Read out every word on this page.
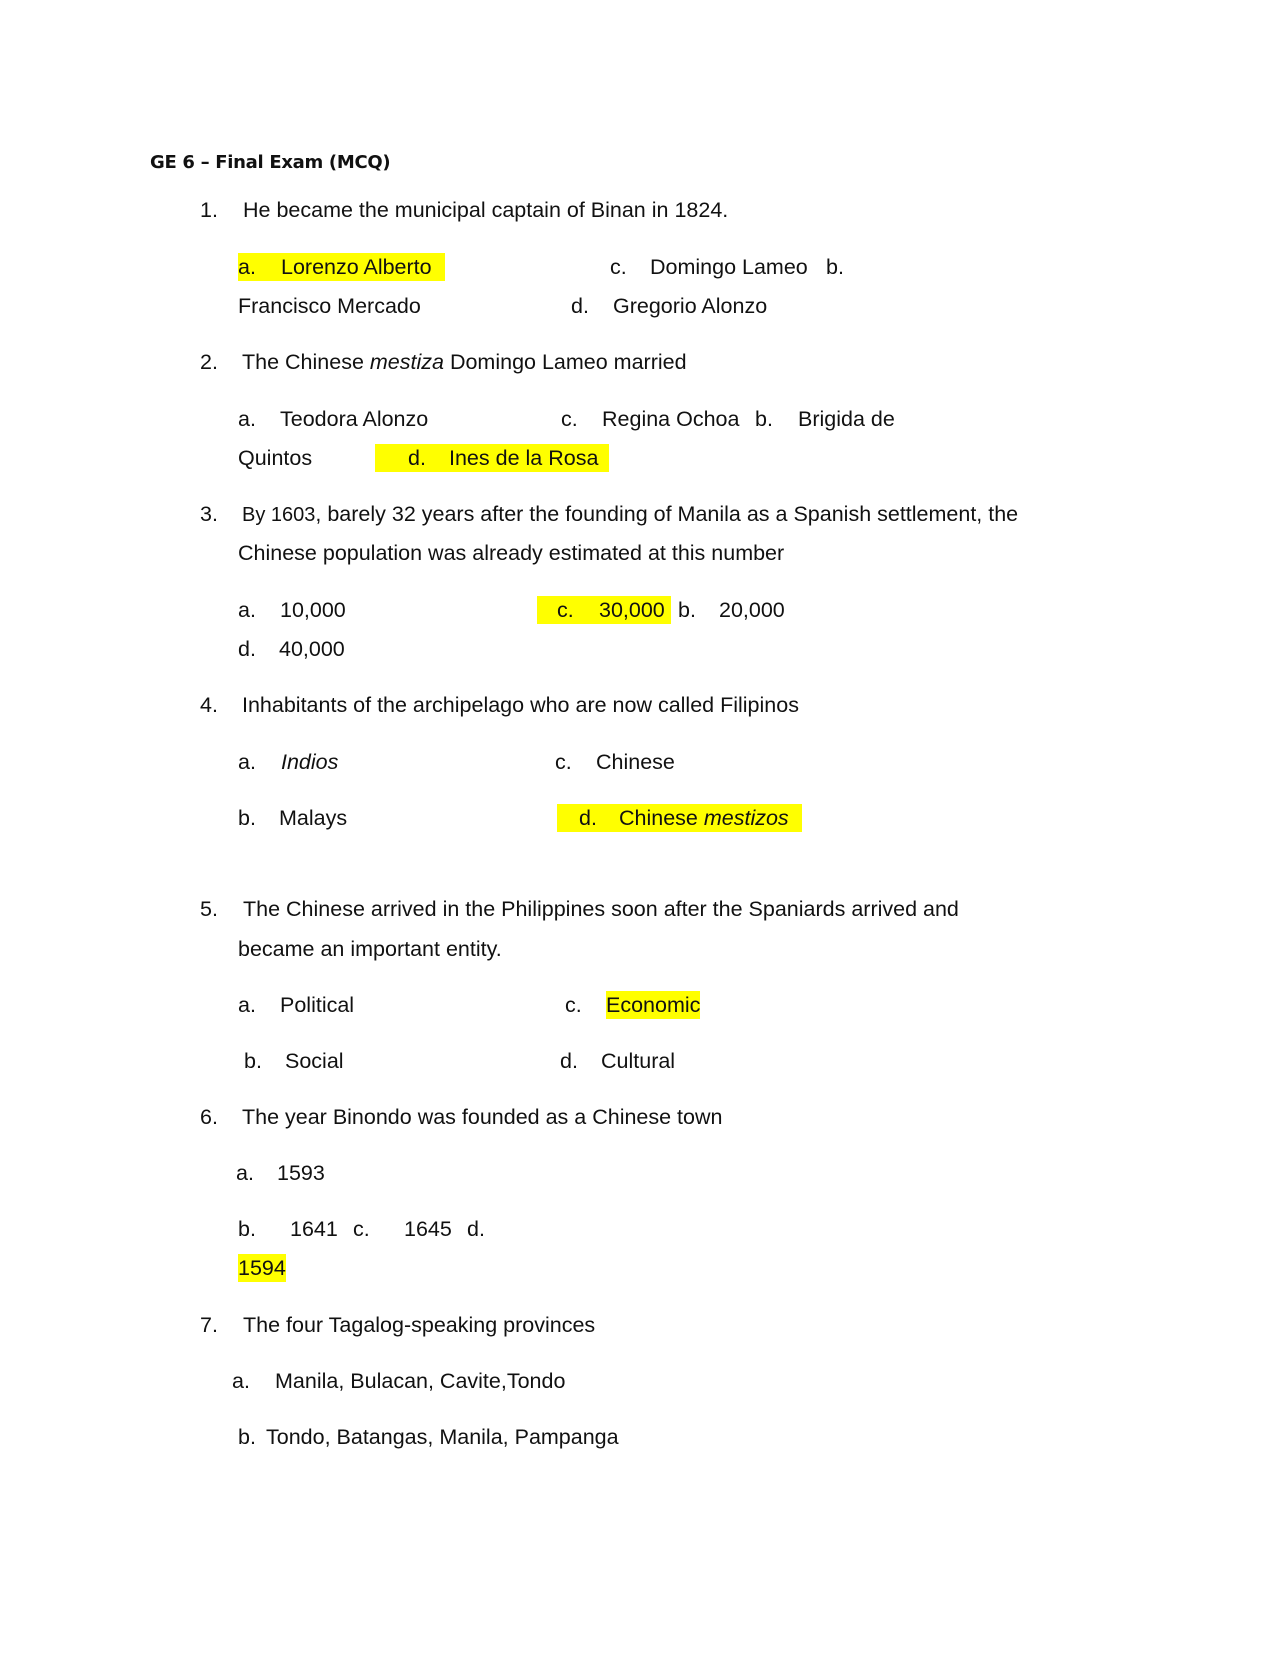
GE 6 – Final Exam (MCQ)
1. He became the municipal captain of Binan in 1824.
a. Lorenzo Alberto	c. Domingo Lameo b.
Francisco Mercado	d. Gregorio Alonzo
2. The Chinese mestiza Domingo Lameo married
a. Teodora Alonzo	c. Regina Ochoa b. Brigida de
Quintos	d. Ines de la Rosa

3. By 1603, barely 32 years after the founding of Manila as a Spanish settlement, the
Chinese population was already estimated at this number
a. 10,000	c. 30,000
b. 20,000
d. 40,000
4. Inhabitants of the archipelago who are now called Filipinos
a. Indios	c. Chinese
b. Malays	d. Chinese mestizos

5. The Chinese arrived in the Philippines soon after the Spaniards arrived and
became an important entity.
a. Political	c. Economic
b. Social	d. Cultural
6. The year Binondo was founded as a Chinese town
a. 1593
b. 1641 c. 1645 d.
1594
7. The four Tagalog-speaking provinces
a. Manila, Bulacan, Cavite,Tondo
b. Tondo, Batangas, Manila, Pampanga
